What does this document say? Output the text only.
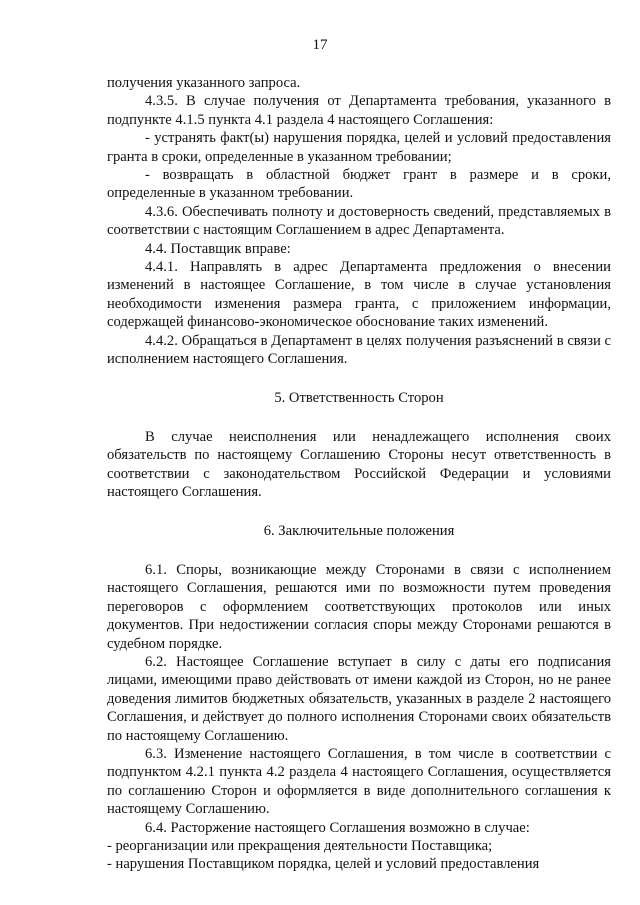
17

получения указанного запроса.

4.3.5. В случае получения от Департамента требования, указанного в подпункте 4.1.5 пункта 4.1 раздела 4 настоящего Соглашения:

- устранять факт(ы) нарушения порядка, целей и условий предоставления гранта в сроки, определенные в указанном требовании;

- возвращать в областной бюджет грант в размере и в сроки, определенные в указанном требовании.

4.3.6. Обеспечивать полноту и достоверность сведений, представляемых в соответствии с настоящим Соглашением в адрес Департамента.

4.4. Поставщик вправе:

4.4.1. Направлять в адрес Департамента предложения о внесении изменений в настоящее Соглашение, в том числе в случае установления необходимости изменения размера гранта, с приложением информации, содержащей финансово-экономическое обоснование таких изменений.

4.4.2. Обращаться в Департамент в целях получения разъяснений в связи с исполнением настоящего Соглашения.

5. Ответственность Сторон

В случае неисполнения или ненадлежащего исполнения своих обязательств по настоящему Соглашению Стороны несут ответственность в соответствии с законодательством Российской Федерации и условиями настоящего Соглашения.

6. Заключительные положения

6.1. Споры, возникающие между Сторонами в связи с исполнением настоящего Соглашения, решаются ими по возможности путем проведения переговоров с оформлением соответствующих протоколов или иных документов. При недостижении согласия споры между Сторонами решаются в судебном порядке.

6.2. Настоящее Соглашение вступает в силу с даты его подписания лицами, имеющими право действовать от имени каждой из Сторон, но не ранее доведения лимитов бюджетных обязательств, указанных в разделе 2 настоящего Соглашения, и действует до полного исполнения Сторонами своих обязательств по настоящему Соглашению.

6.3. Изменение настоящего Соглашения, в том числе в соответствии с подпунктом 4.2.1 пункта 4.2 раздела 4 настоящего Соглашения, осуществляется по соглашению Сторон и оформляется в виде дополнительного соглашения к настоящему Соглашению.

6.4. Расторжение настоящего Соглашения возможно в случае:

- реорганизации или прекращения деятельности Поставщика;

- нарушения Поставщиком порядка, целей и условий предоставления
